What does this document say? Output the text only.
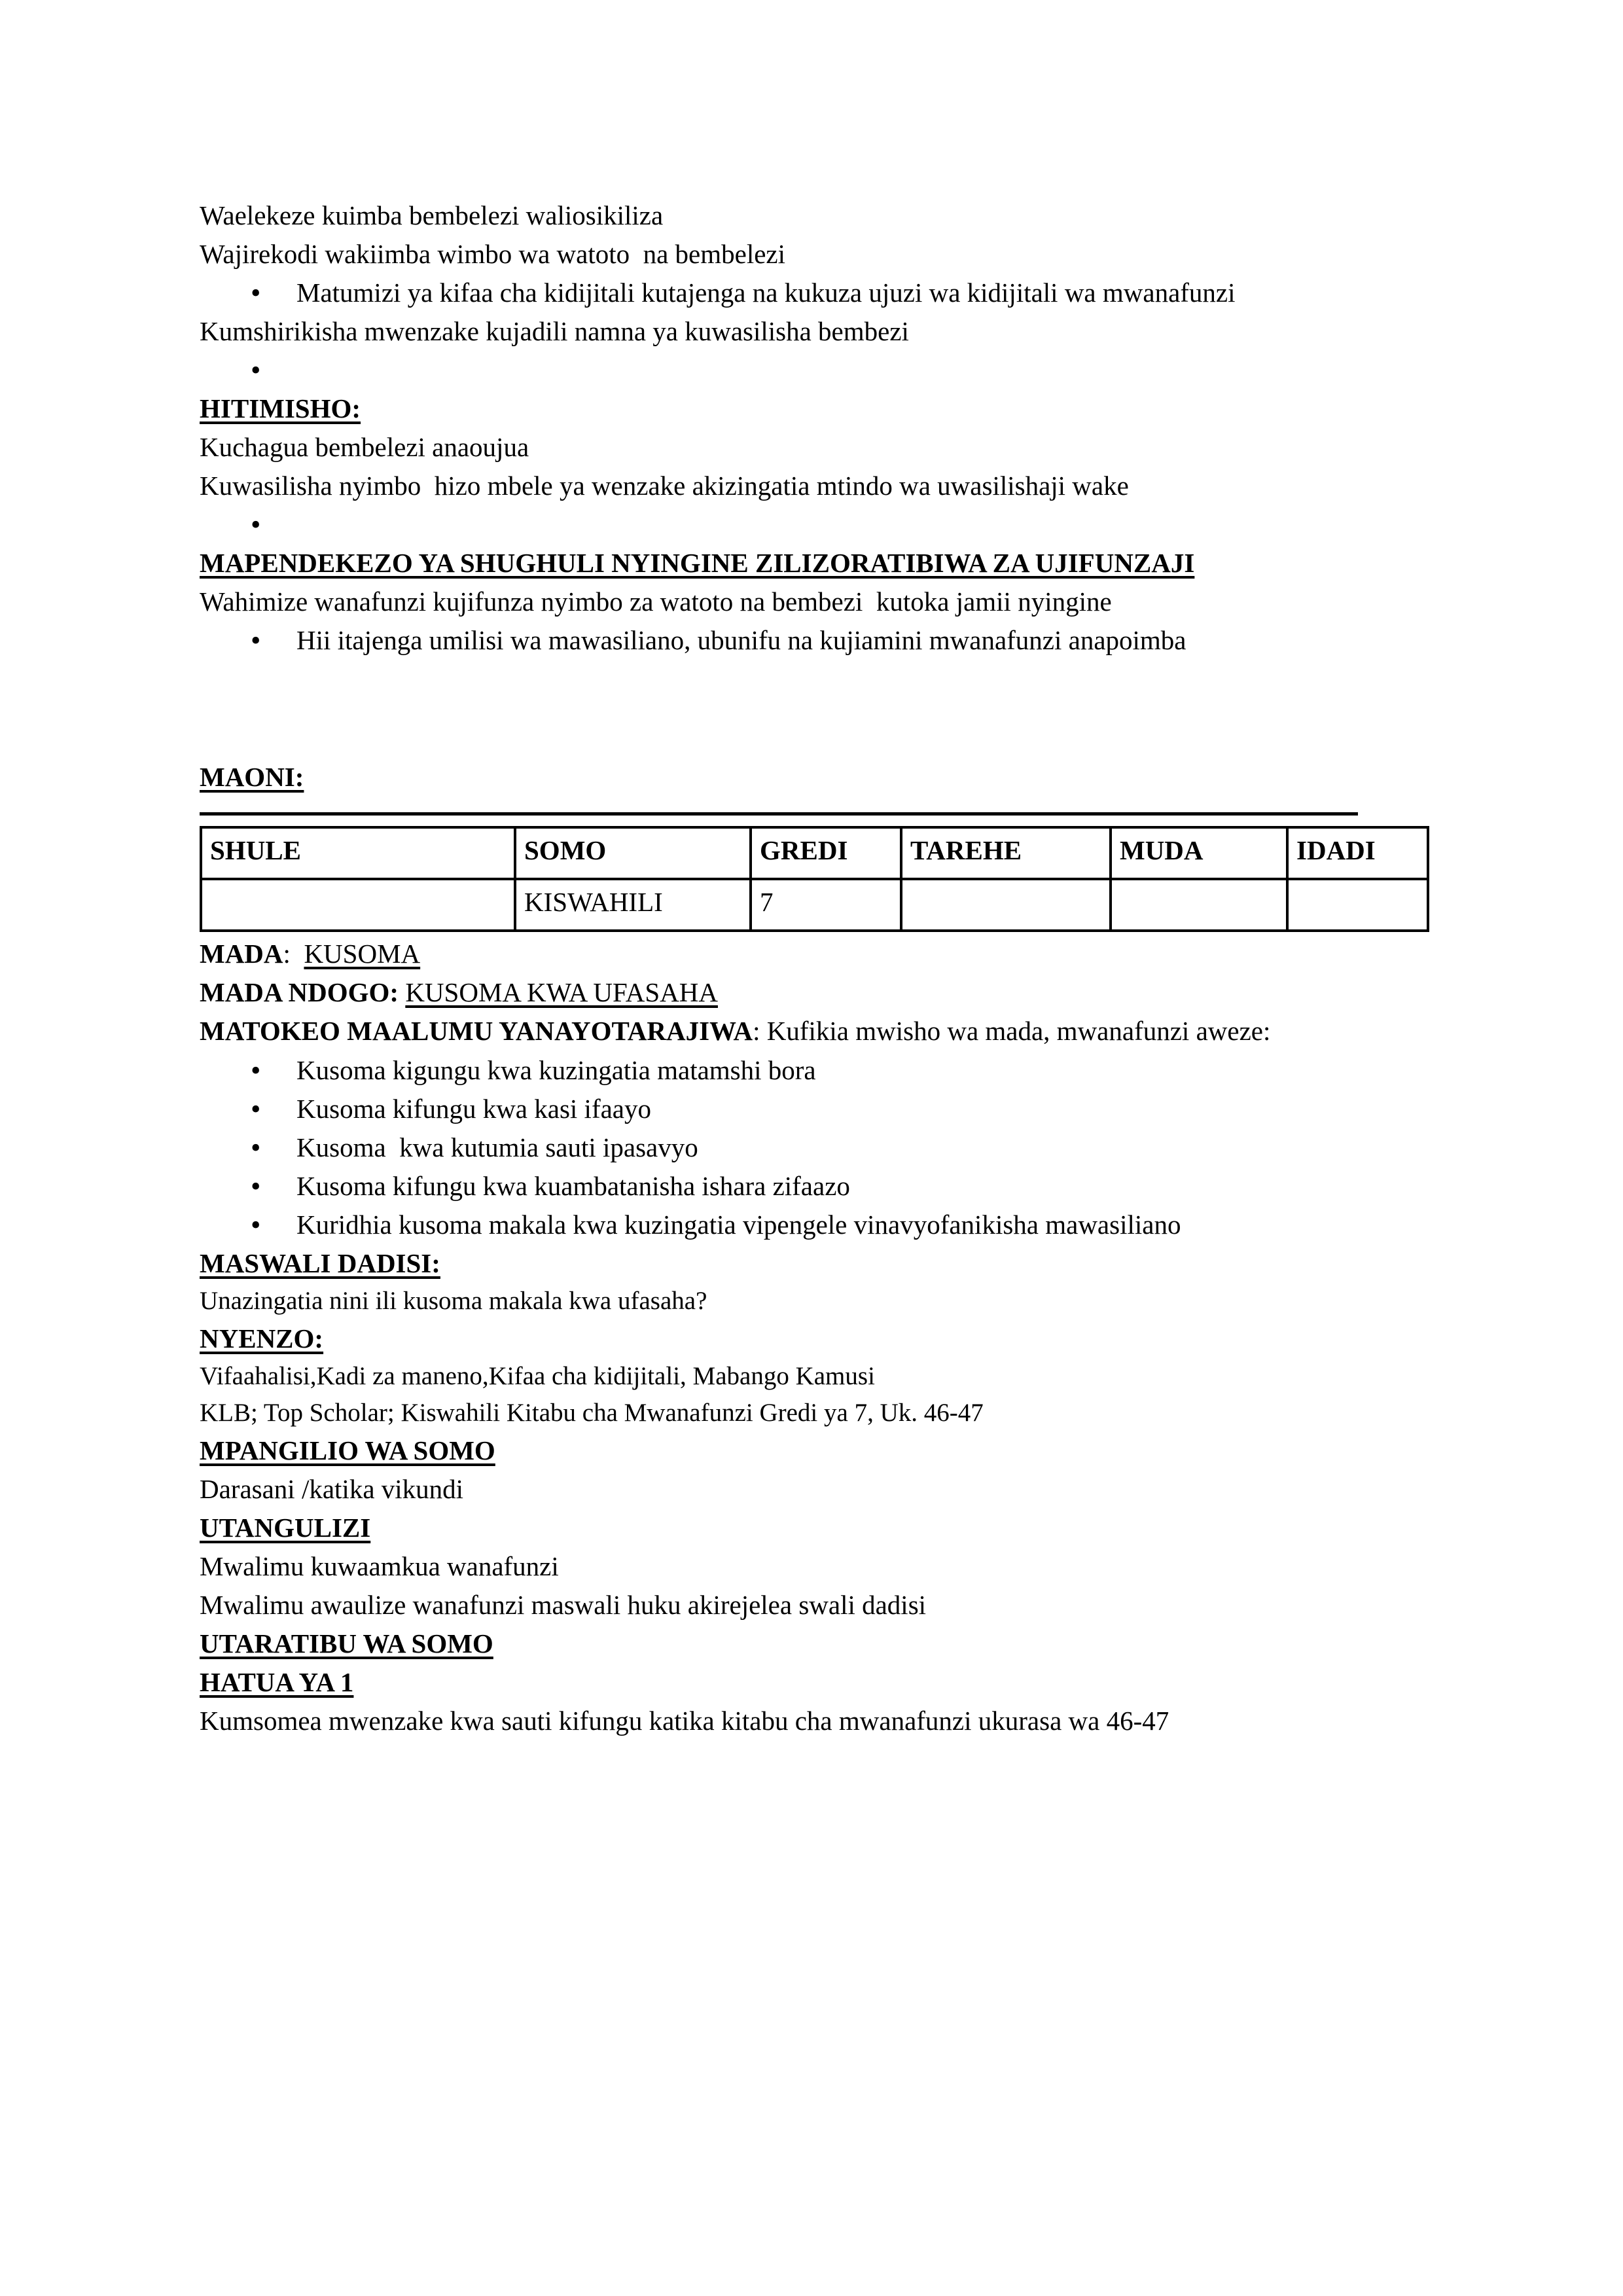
Waelekeze kuimba bembelezi waliosikiliza

Wajirekodi wakiimba wimbo wa watoto  na bembelezi

• Matumizi ya kifaa cha kidijitali kutajenga na kukuza ujuzi wa kidijitali wa mwanafunzi

Kumshirikisha mwenzake kujadili namna ya kuwasilisha bembezi

•

HITIMISHO:

Kuchagua bembelezi anaoujua

Kuwasilisha nyimbo  hizo mbele ya wenzake akizingatia mtindo wa uwasilishaji wake

•

MAPENDEKEZO YA SHUGHULI NYINGINE ZILIZORATIBIWA ZA UJIFUNZAJI

Wahimize wanafunzi kujifunza nyimbo za watoto na bembezi  kutoka jamii nyingine

• Hii itajenga umilisi wa mawasiliano, ubunifu na kujiamini mwanafunzi anapoimba

MAONI:

SHULE	SOMO	GREDI	TAREHE	MUDA	IDADI
	KISWAHILI	7			

MADA:  KUSOMA

MADA NDOGO: KUSOMA KWA UFASAHA

MATOKEO MAALUMU YANAYOTARAJIWA: Kufikia mwisho wa mada, mwanafunzi aweze:

• Kusoma kigungu kwa kuzingatia matamshi bora
• Kusoma kifungu kwa kasi ifaayo
• Kusoma  kwa kutumia sauti ipasavyo
• Kusoma kifungu kwa kuambatanisha ishara zifaazo
• Kuridhia kusoma makala kwa kuzingatia vipengele vinavyofanikisha mawasiliano

MASWALI DADISI:

Unazingatia nini ili kusoma makala kwa ufasaha?

NYENZO:

Vifaahalisi,Kadi za maneno,Kifaa cha kidijitali, Mabango Kamusi

KLB; Top Scholar; Kiswahili Kitabu cha Mwanafunzi Gredi ya 7, Uk. 46-47

MPANGILIO WA SOMO

Darasani /katika vikundi

UTANGULIZI

Mwalimu kuwaamkua wanafunzi

Mwalimu awaulize wanafunzi maswali huku akirejelea swali dadisi

UTARATIBU WA SOMO

HATUA YA 1

Kumsomea mwenzake kwa sauti kifungu katika kitabu cha mwanafunzi ukurasa wa 46-47
